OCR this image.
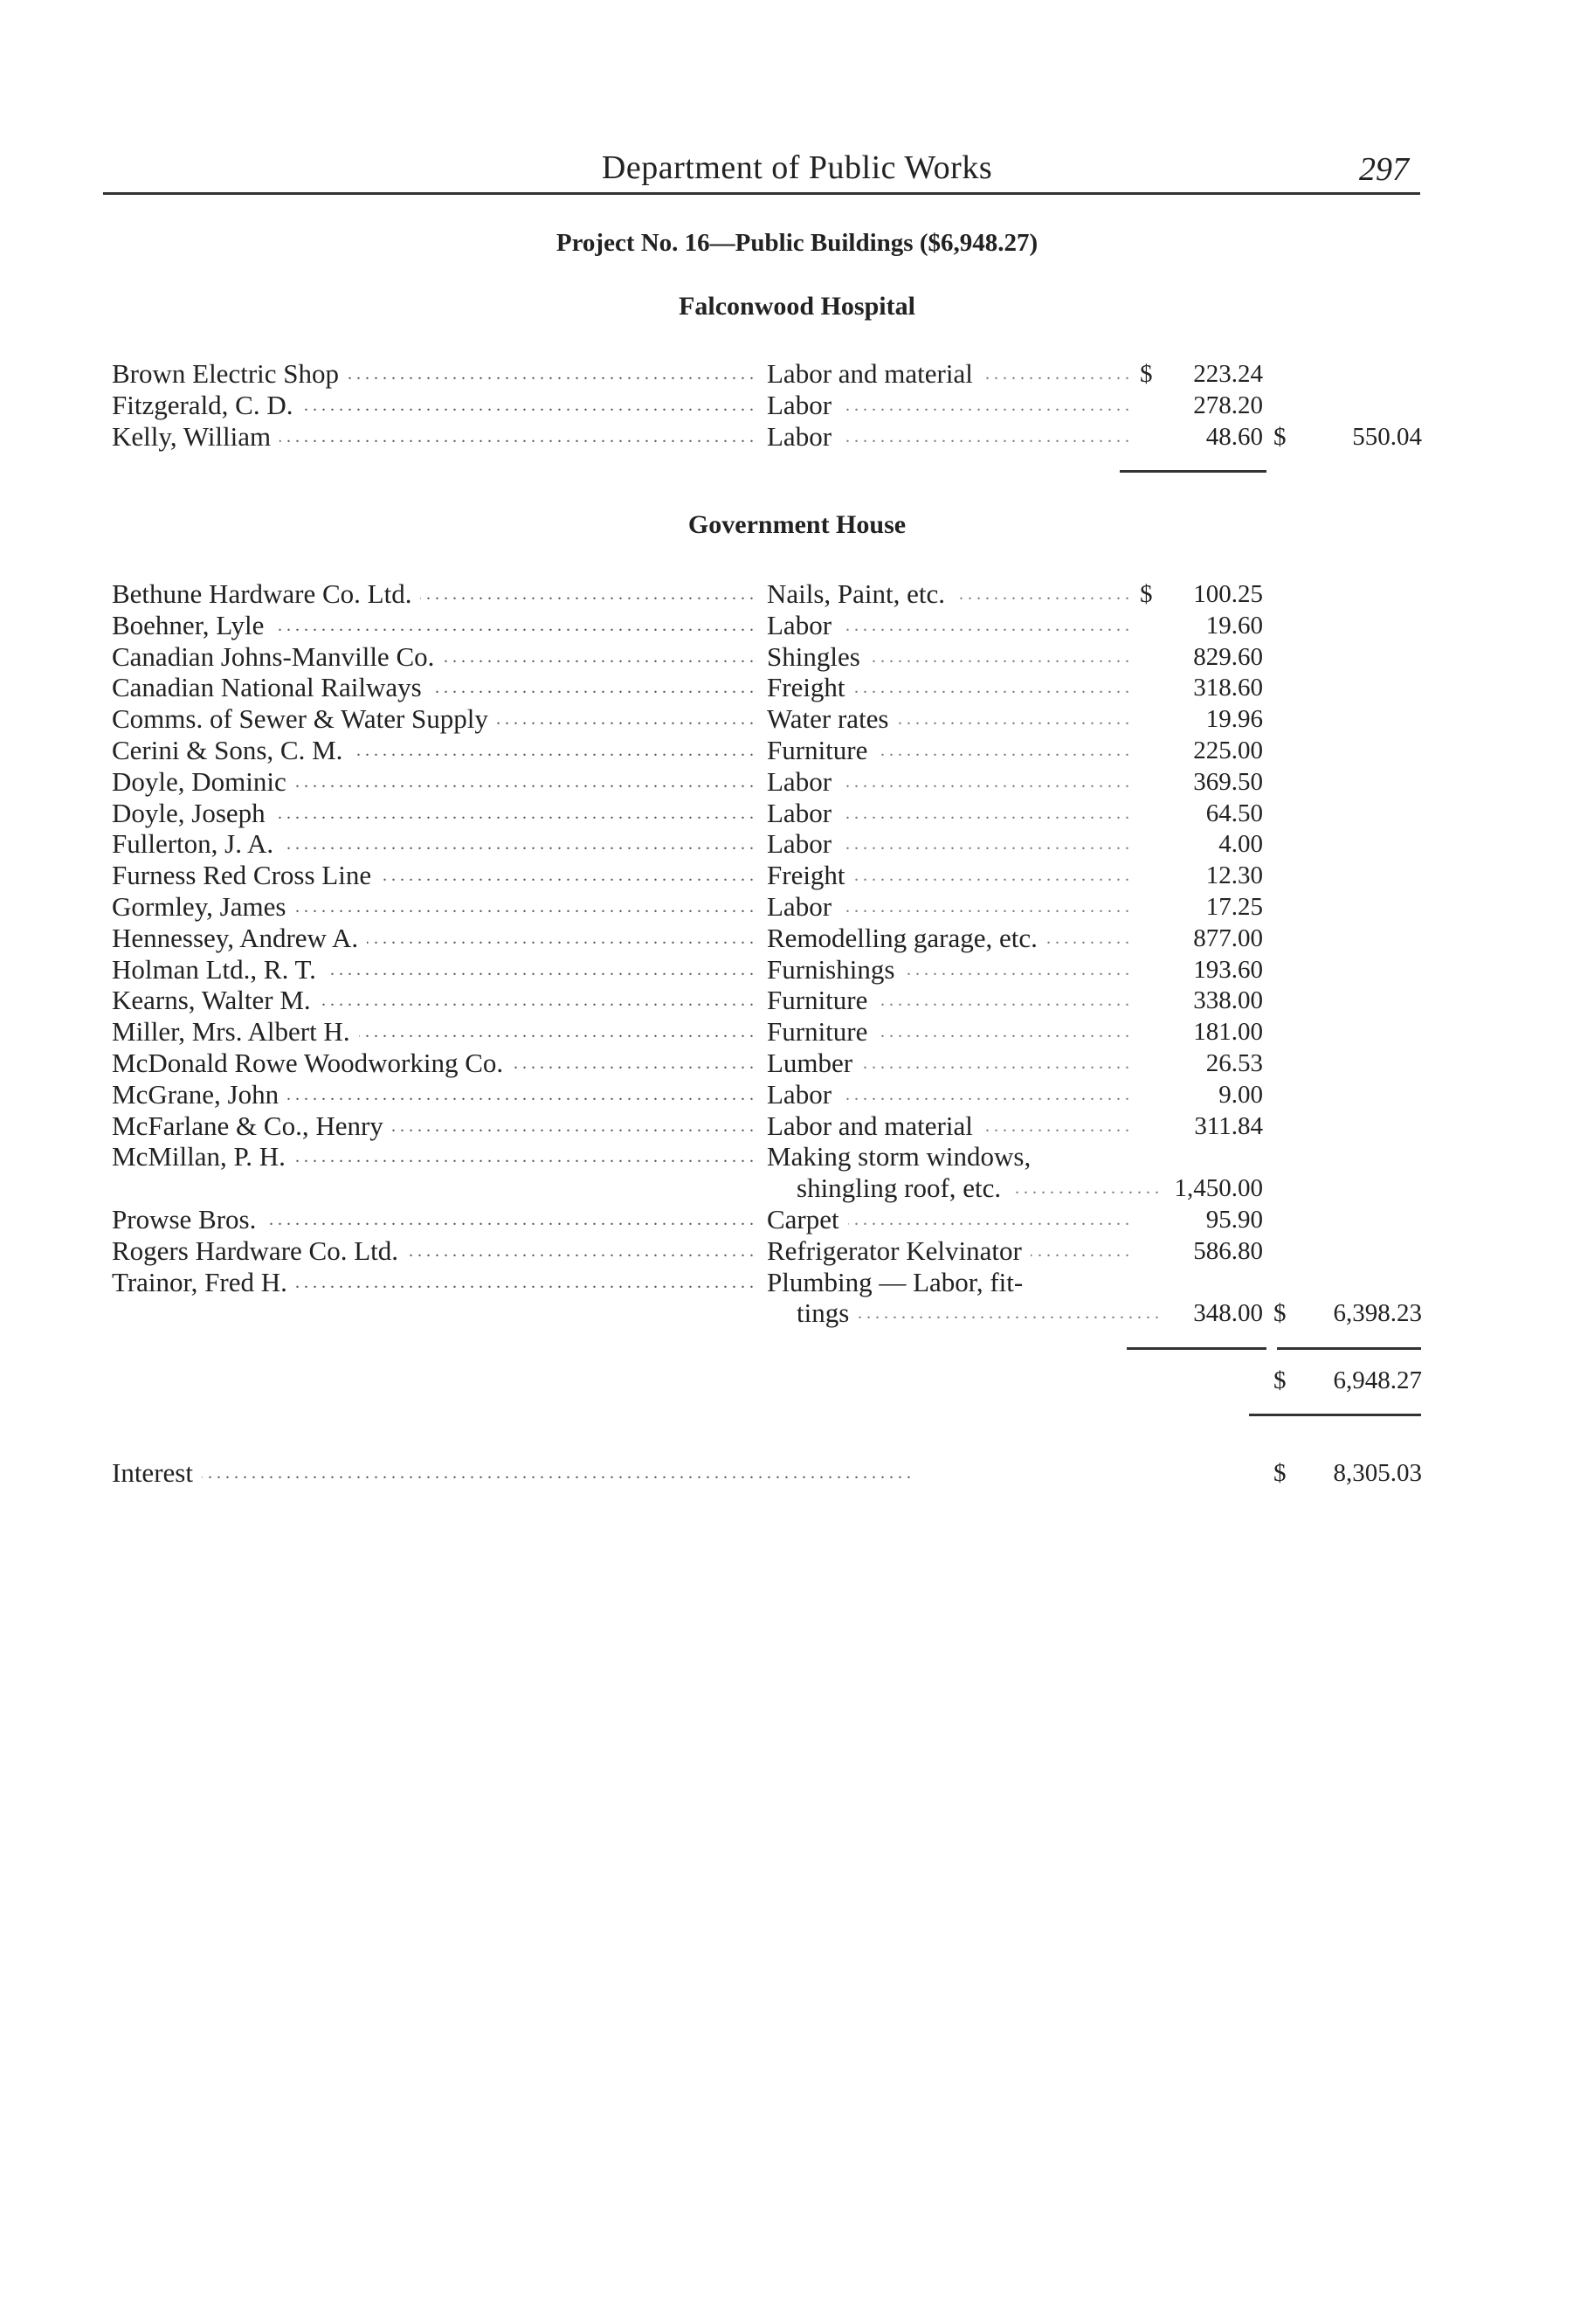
Department of Public Works	297
Project No. 16—Public Buildings ($6,948.27)
Falconwood Hospital
Brown Electric Shop . . .	Labor and material . . .	$	223.24
Fitzgerald, C. D. . . .	Labor . . .	278.20
Kelly, William . . .	Labor . . .	48.60 $	550.04
Government House
Bethune Hardware Co. Ltd. . . .	Nails, Paint, etc. . . .	$	100.25
Boehner, Lyle . . .	Labor . . .	19.60
Canadian Johns-Manville Co. . . .	Shingles . . .	829.60
Canadian National Railways . . .	Freight . . .	318.60
Comms. of Sewer & Water Supply . . .	Water rates . . .	19.96
Cerini & Sons, C. M. . . .	Furniture . . .	225.00
Doyle, Dominic . . .	Labor . . .	369.50
Doyle, Joseph . . .	Labor . . .	64.50
Fullerton, J. A. . . .	Labor . . .	4.00
Furness Red Cross Line . . .	Freight . . .	12.30
Gormley, James . . .	Labor . . .	17.25
Hennessey, Andrew A. . . .	Remodelling garage, etc. . . .	877.00
Holman Ltd., R. T. . . .	Furnishings . . .	193.60
Kearns, Walter M. . . .	Furniture . . .	338.00
Miller, Mrs. Albert H. . . .	Furniture . . .	181.00
McDonald Rowe Woodworking Co. . . .	Lumber . . .	26.53
McGrane, John . . .	Labor . . .	9.00
McFarlane & Co., Henry . . .	Labor and material . . .	311.84
McMillan, P. H. . . .	Making storm windows,
shingling roof, etc. . . .	1,450.00
Prowse Bros. . . .	Carpet . . .	95.90
Rogers Hardware Co. Ltd. . . .	Refrigerator Kelvinator . . .	586.80
Trainor, Fred H. . . .	Plumbing — Labor, fit-
tings . . .	348.00 $	6,398.23
$	6,948.27
Interest . . .	$	8,305.03
